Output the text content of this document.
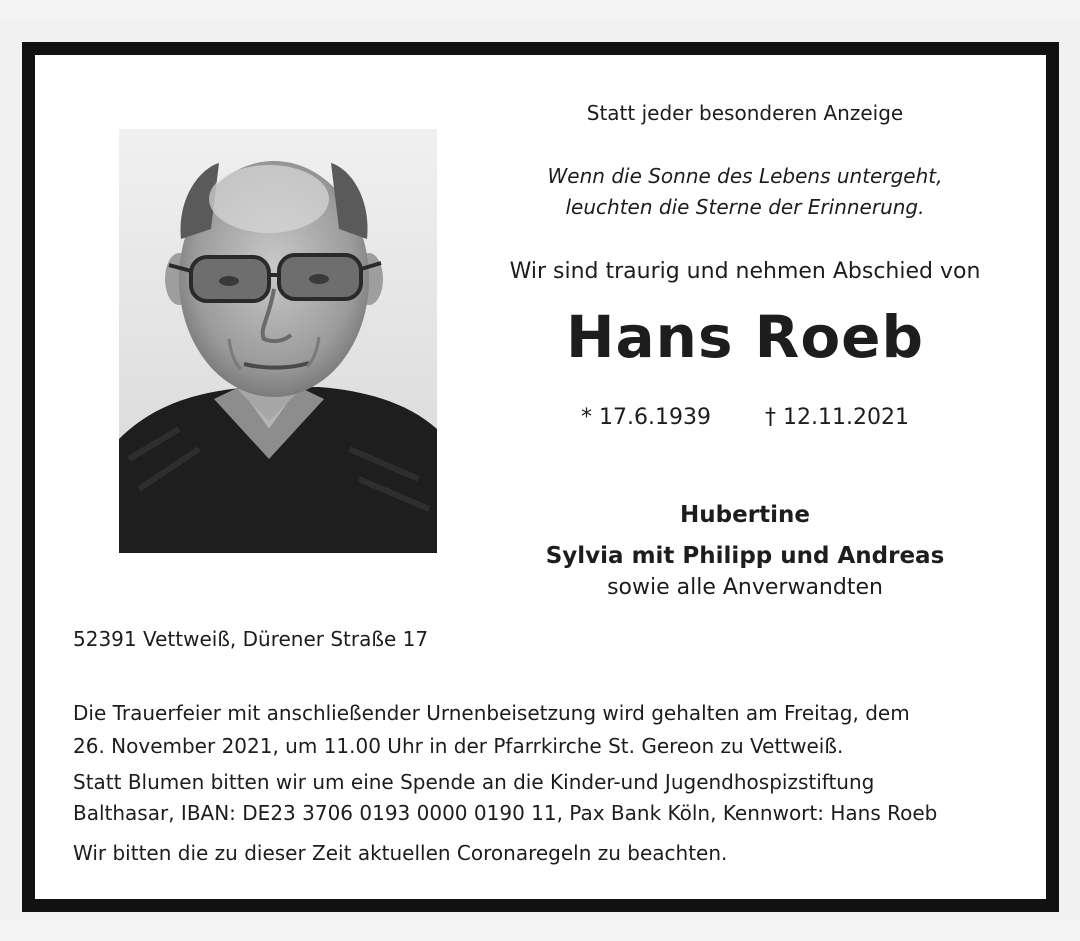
Statt jeder besonderen Anzeige
Wenn die Sonne des Lebens untergeht,
leuchten die Sterne der Erinnerung.
Wir sind traurig und nehmen Abschied von
Hans Roeb
* 17.6.1939 † 12.11.2021
Hubertine
Sylvia mit Philipp und Andreas
sowie alle Anverwandten
52391 Vettweiß, Dürener Straße 17

Die Trauerfeier mit anschließender Urnenbeisetzung wird gehalten am Freitag, dem
26. November 2021, um 11.00 Uhr in der Pfarrkirche St. Gereon zu Vettweiß.

Statt Blumen bitten wir um eine Spende an die Kinder-und Jugendhospizstiftung
Balthasar, IBAN: DE23 3706 0193 0000 0190 11, Pax Bank Köln, Kennwort: Hans Roeb

Wir bitten die zu dieser Zeit aktuellen Coronaregeln zu beachten.
